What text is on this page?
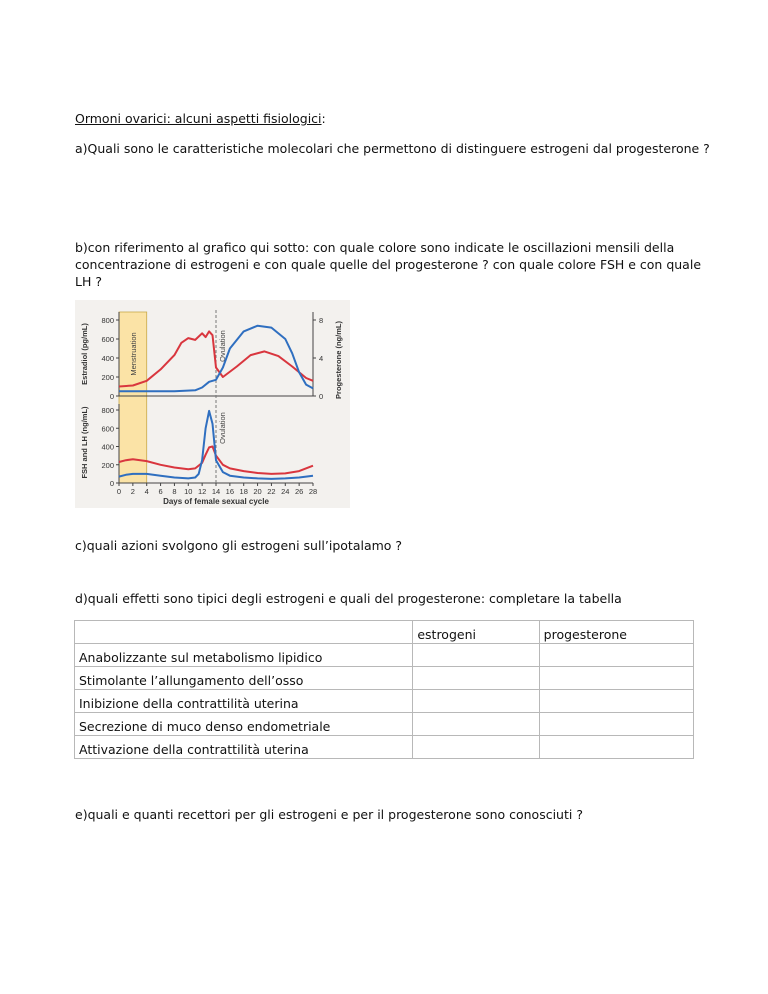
Ormoni ovarici: alcuni aspetti fisiologici:

a)Quali sono le caratteristiche molecolari che permettono di distinguere estrogeni dal progesterone ?

b)con riferimento al grafico qui sotto: con quale colore sono indicate le oscillazioni mensili della concentrazione di estrogeni e con quale quelle del progesterone ? con quale colore FSH e con quale LH ?

800
600
400
200
0
8
4
0
800
600
400
200
0
0 2 4 6 8 10 12 14 16 18 20 22 24 26 28
Days of female sexual cycle
Estradiol (pg/mL)	Progesterone (ng/mL)
FSH and LH (ng/mL)
Menstruation	Ovulation
Ovulation

c)quali azioni svolgono gli estrogeni sull’ipotalamo ?

d)quali effetti sono tipici degli estrogeni e quali del progesterone: completare la tabella

	estrogeni	progesterone
Anabolizzante sul metabolismo lipidico		
Stimolante l’allungamento dell’osso		
Inibizione della contrattilità uterina		
Secrezione di muco denso endometriale		
Attivazione della contrattilità uterina		

e)quali e quanti recettori per gli estrogeni e per il progesterone sono conosciuti ?
